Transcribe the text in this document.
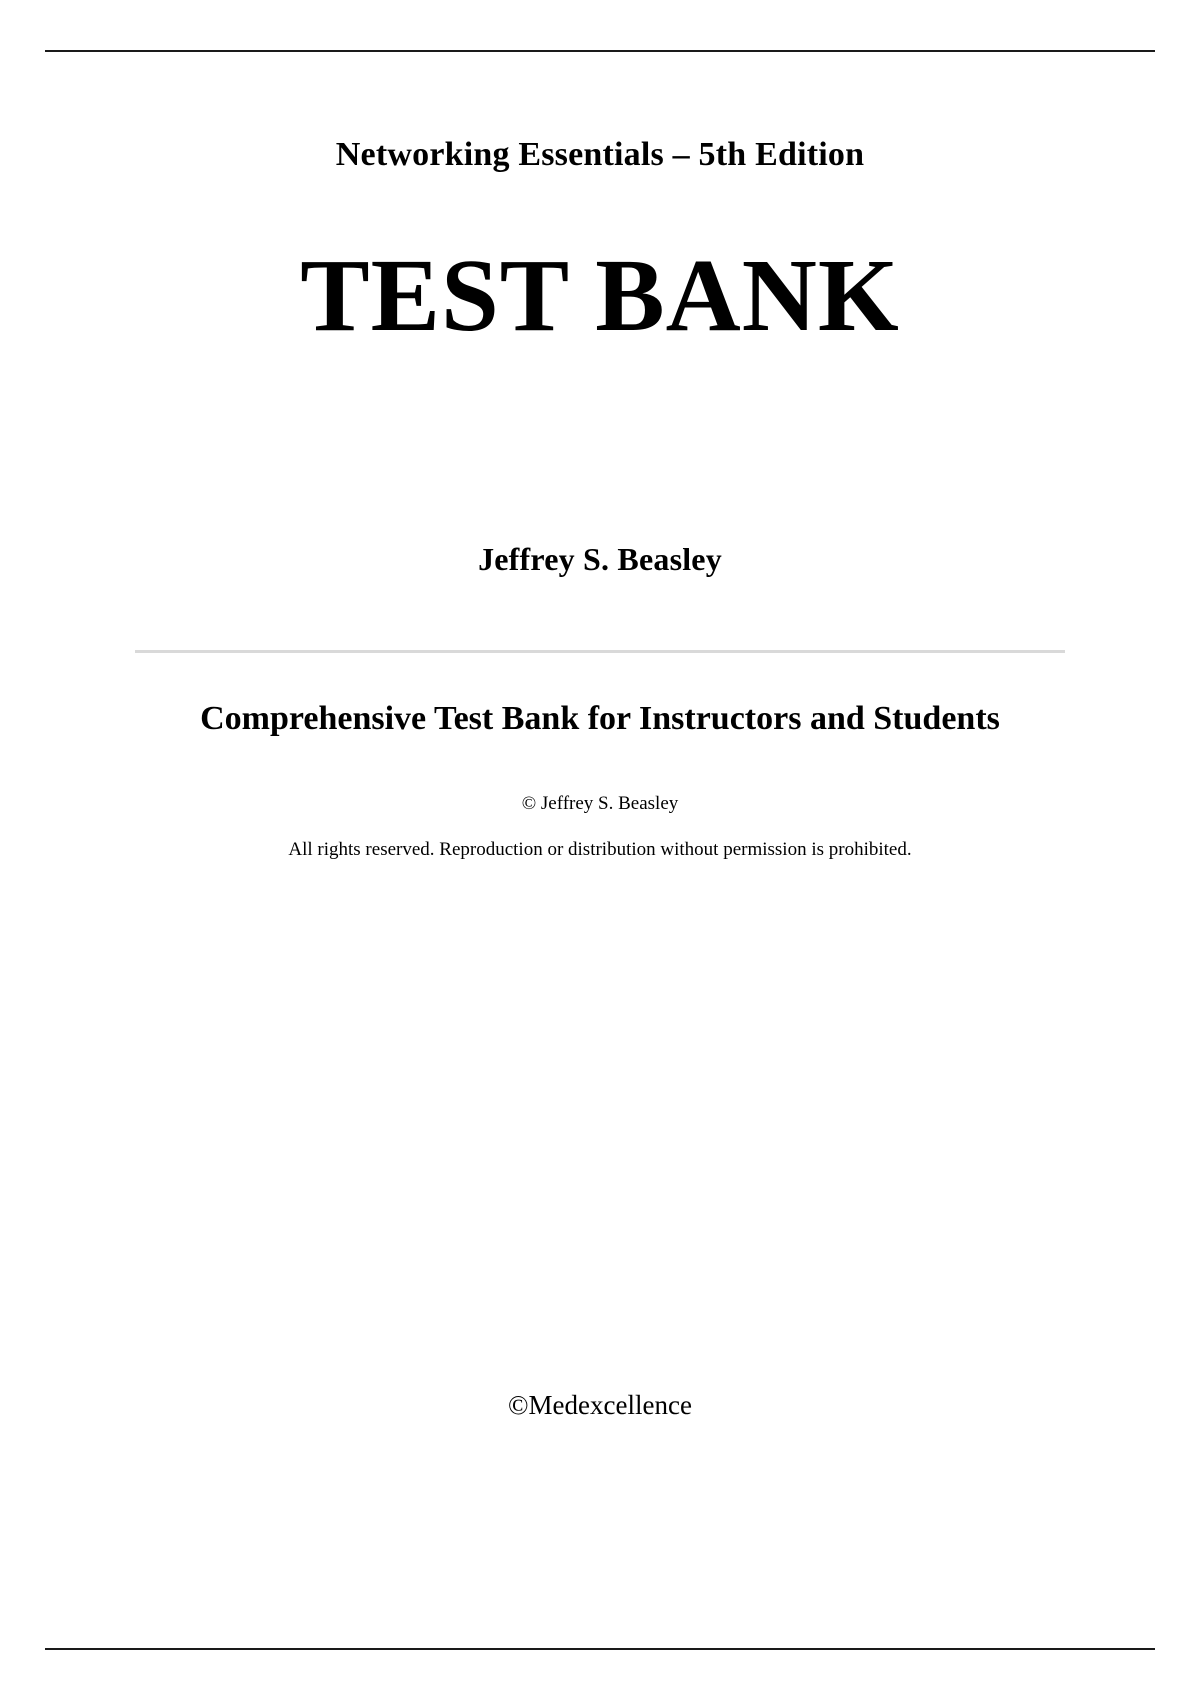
Networking Essentials – 5th Edition

TEST BANK

Jeffrey S. Beasley

Comprehensive Test Bank for Instructors and Students

© Jeffrey S. Beasley

All rights reserved. Reproduction or distribution without permission is prohibited.

©Medexcellence
